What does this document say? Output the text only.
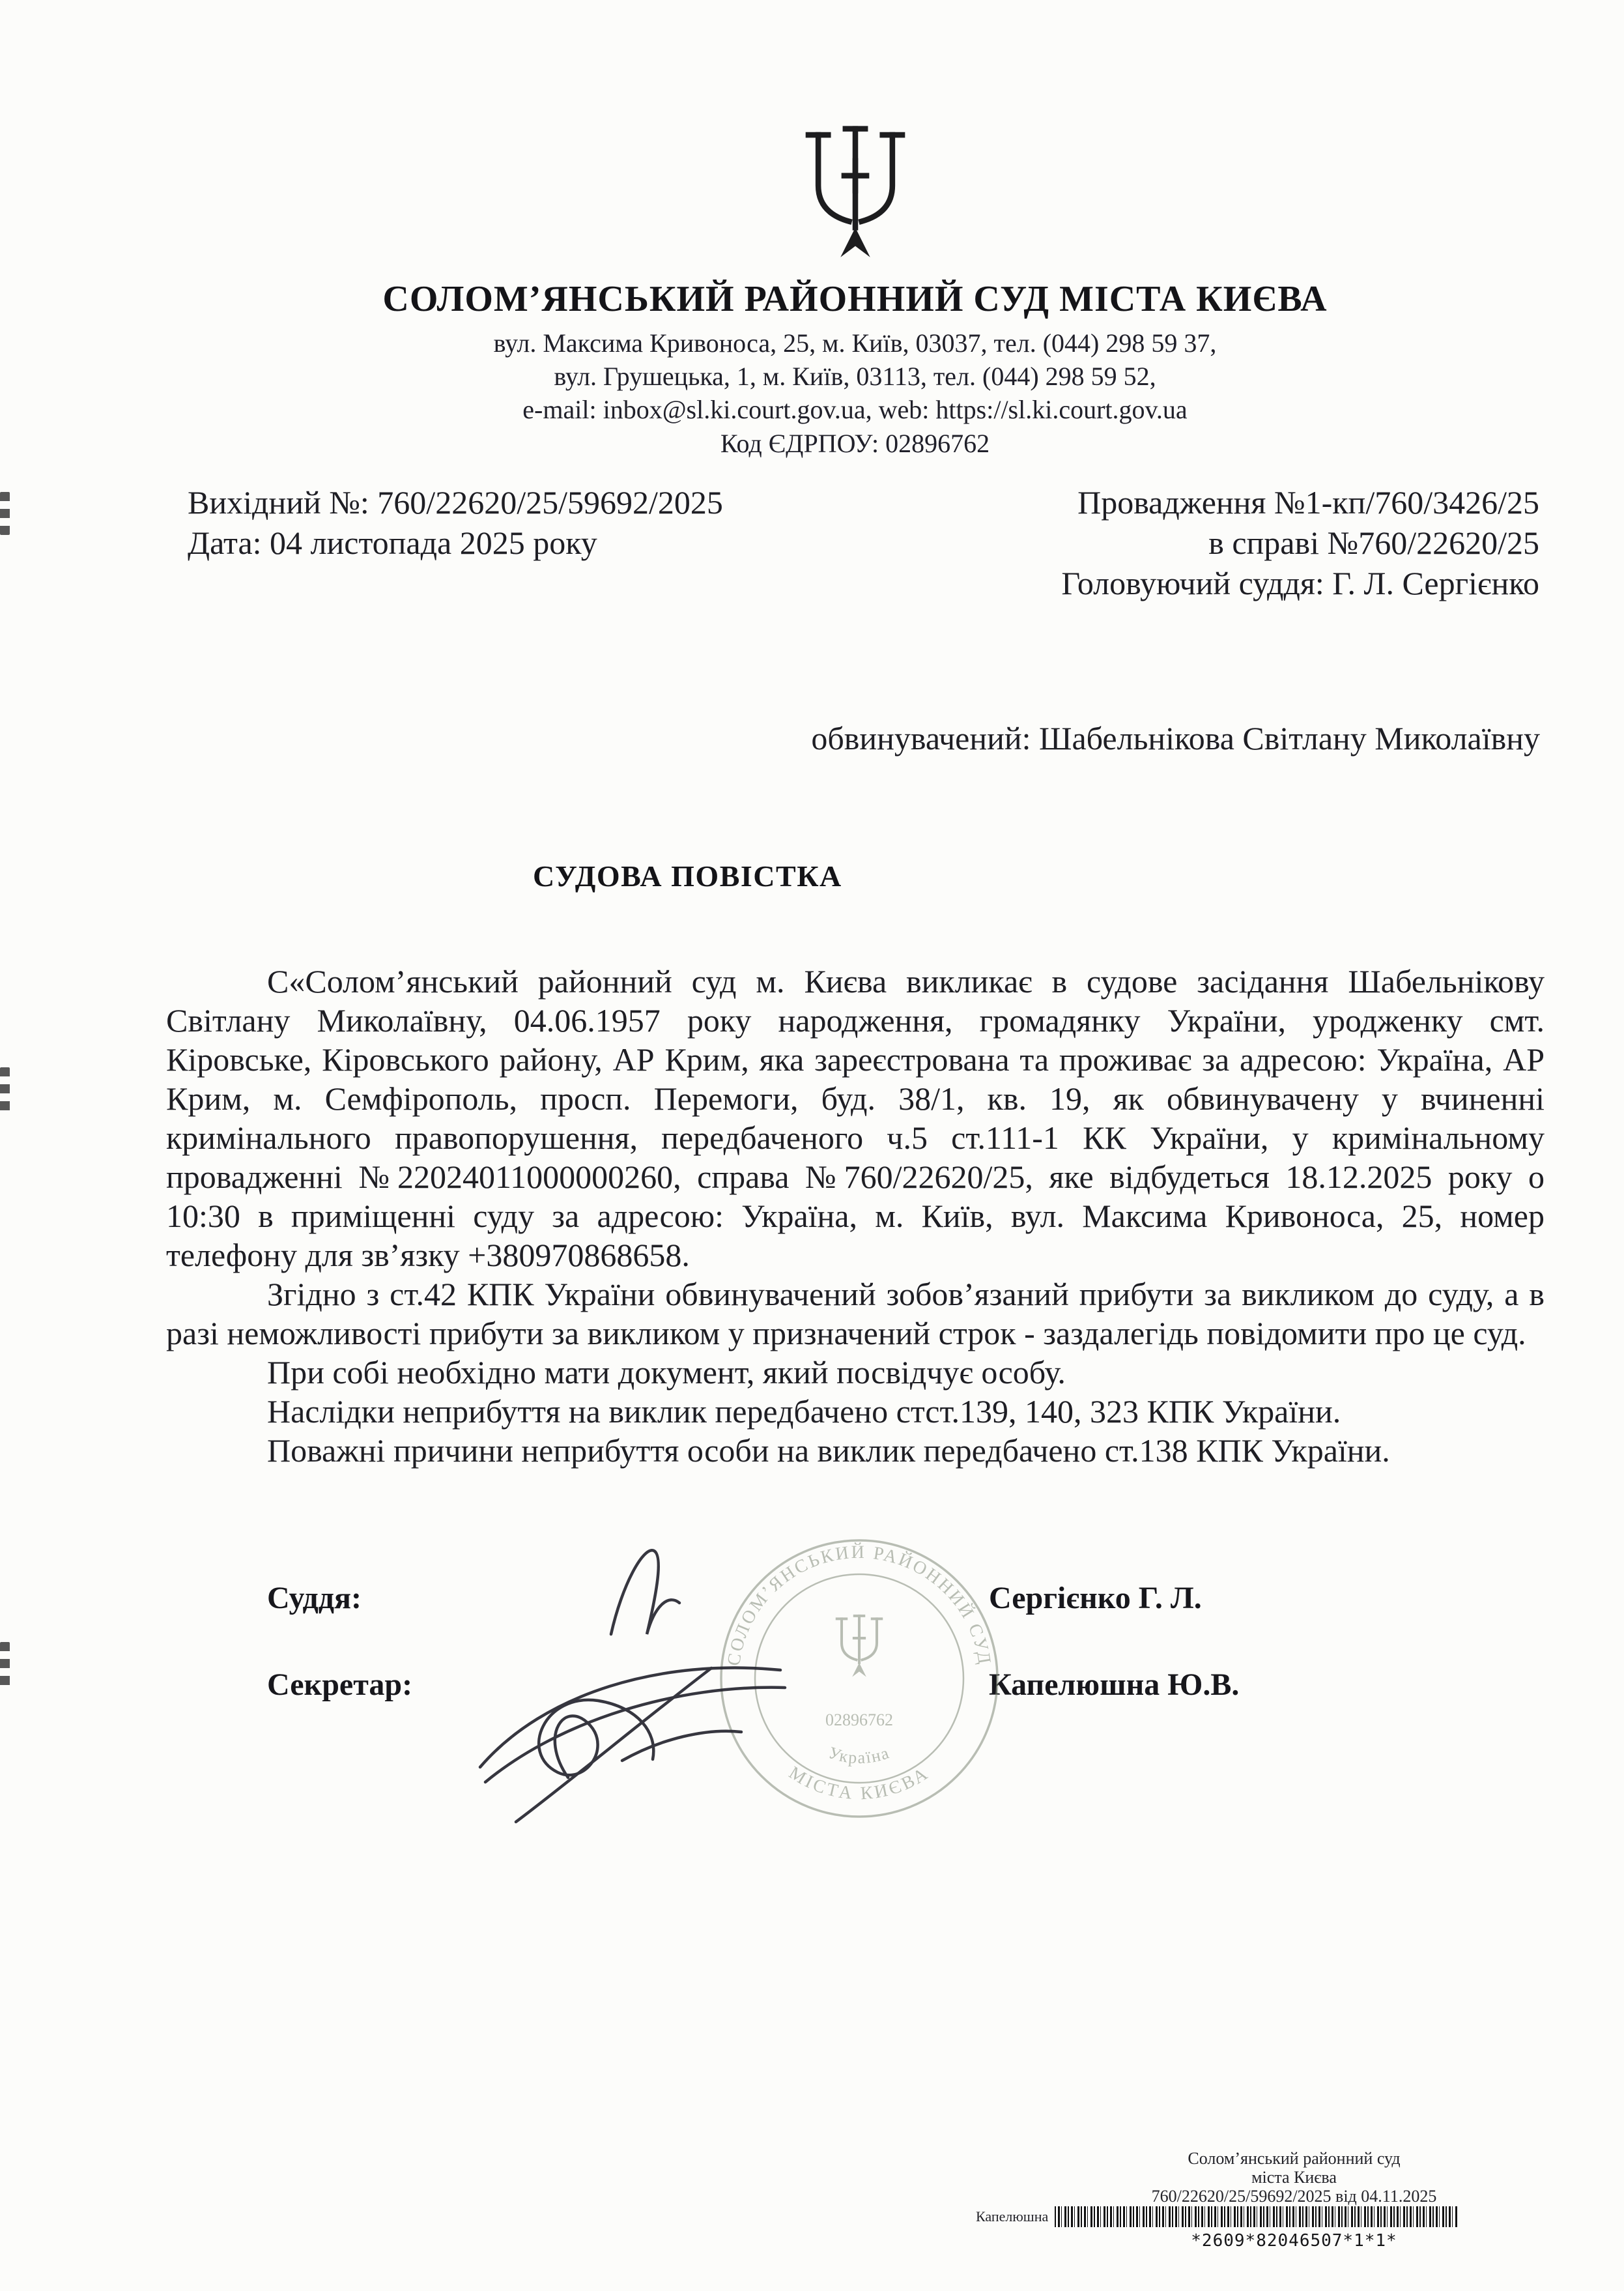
СОЛОМ’ЯНСЬКИЙ РАЙОННИЙ СУД МІСТА КИЄВА
вул. Максима Кривоноса, 25, м. Київ, 03037, тел. (044) 298 59 37,
вул. Грушецька, 1, м. Київ, 03113, тел. (044) 298 59 52,
e-mail: inbox@sl.ki.court.gov.ua, web: https://sl.ki.court.gov.ua
Код ЄДРПОУ: 02896762
Вихідний №: 760/22620/25/59692/2025
Дата: 04 листопада 2025 року
Провадження №1-кп/760/3426/25
в справі №760/22620/25
Головуючий суддя: Г. Л. Сергієнко
обвинувачений: Шабельнікова Світлану Миколаївну
СУДОВА ПОВІСТКА

С«Солом’янський районний суд м. Києва викликає в судове засідання Шабельнікову Світлану Миколаївну, 04.06.1957 року народження, громадянку України, уродженку смт. Кіровське, Кіровського району, АР Крим, яка зареєстрована та проживає за адресою: Україна, АР Крим, м. Семфірополь, просп. Перемоги, буд. 38/1, кв. 19, як обвинувачену у вчиненні кримінального правопорушення, передбаченого ч.5 ст.111-1 КК України, у кримінальному провадженні №22024011000000260, справа №760/22620/25, яке відбудеться 18.12.2025 року о 10:30 в приміщенні суду за адресою: Україна, м. Київ, вул. Максима Кривоноса, 25, номер телефону для зв’язку +380970868658.

Згідно з ст.42 КПК України обвинувачений зобов’язаний прибути за викликом до суду, а в разі неможливості прибути за викликом у призначений строк - заздалегідь повідомити про це суд.

При собі необхідно мати документ, який посвідчує особу.

Наслідки неприбуття на виклик передбачено стст.139, 140, 323 КПК України.

Поважні причини неприбуття особи на виклик передбачено ст.138 КПК України.

Суддя:	Сергієнко Г. Л.
Секретар:	Капелюшна Ю.В.
СОЛОМ’ЯНСЬКИЙ РАЙОННИЙ СУД
МІСТА КИЄВА
02896762
Україна
Солом’янський районний суд
міста Києва
760/22620/25/59692/2025 від 04.11.2025
Капелюшна
*2609*82046507*1*1*
